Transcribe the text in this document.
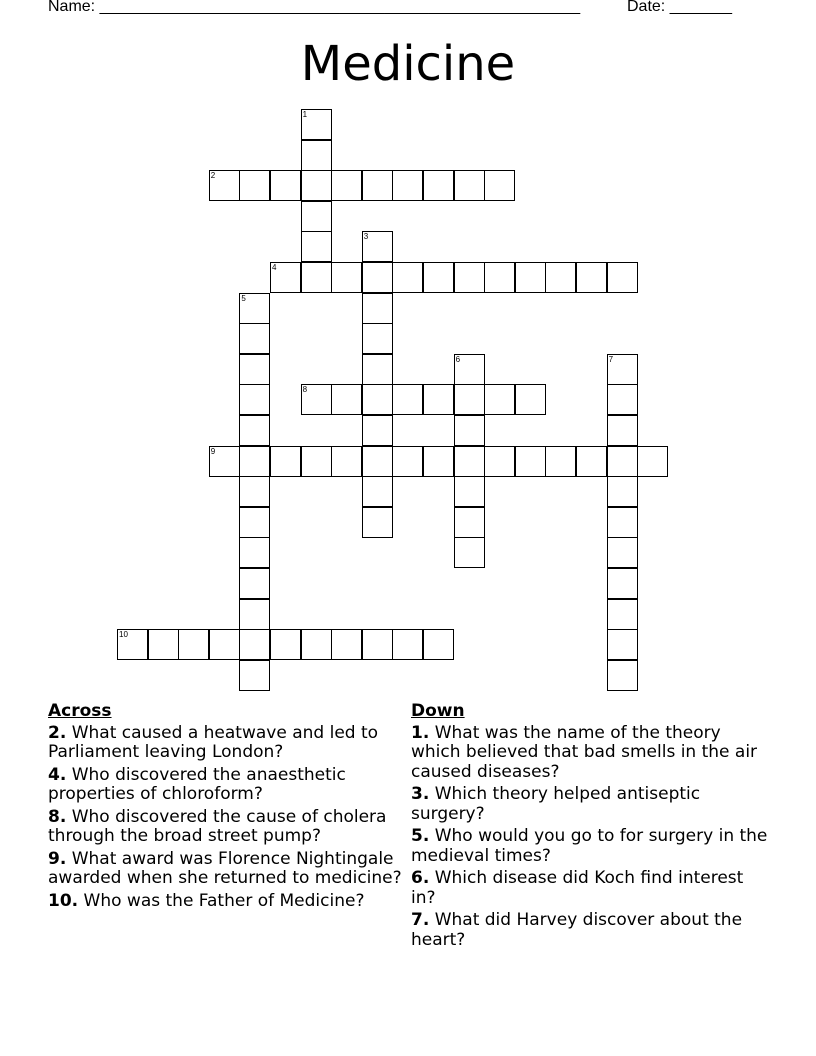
Name: ______________________________________________________	Date: _______
Medicine
1
2
3
4
5
6	7
8
9
10
Across
2. What caused a heatwave and led to Parliament leaving London?
4. Who discovered the anaesthetic properties of chloroform?
8. Who discovered the cause of cholera through the broad street pump?
9. What award was Florence Nightingale awarded when she returned to medicine?
10. Who was the Father of Medicine?
Down
1. What was the name of the theory which believed that bad smells in the air caused diseases?
3. Which theory helped antiseptic surgery?
5. Who would you go to for surgery in the medieval times?
6. Which disease did Koch find interest in?
7. What did Harvey discover about the heart?
